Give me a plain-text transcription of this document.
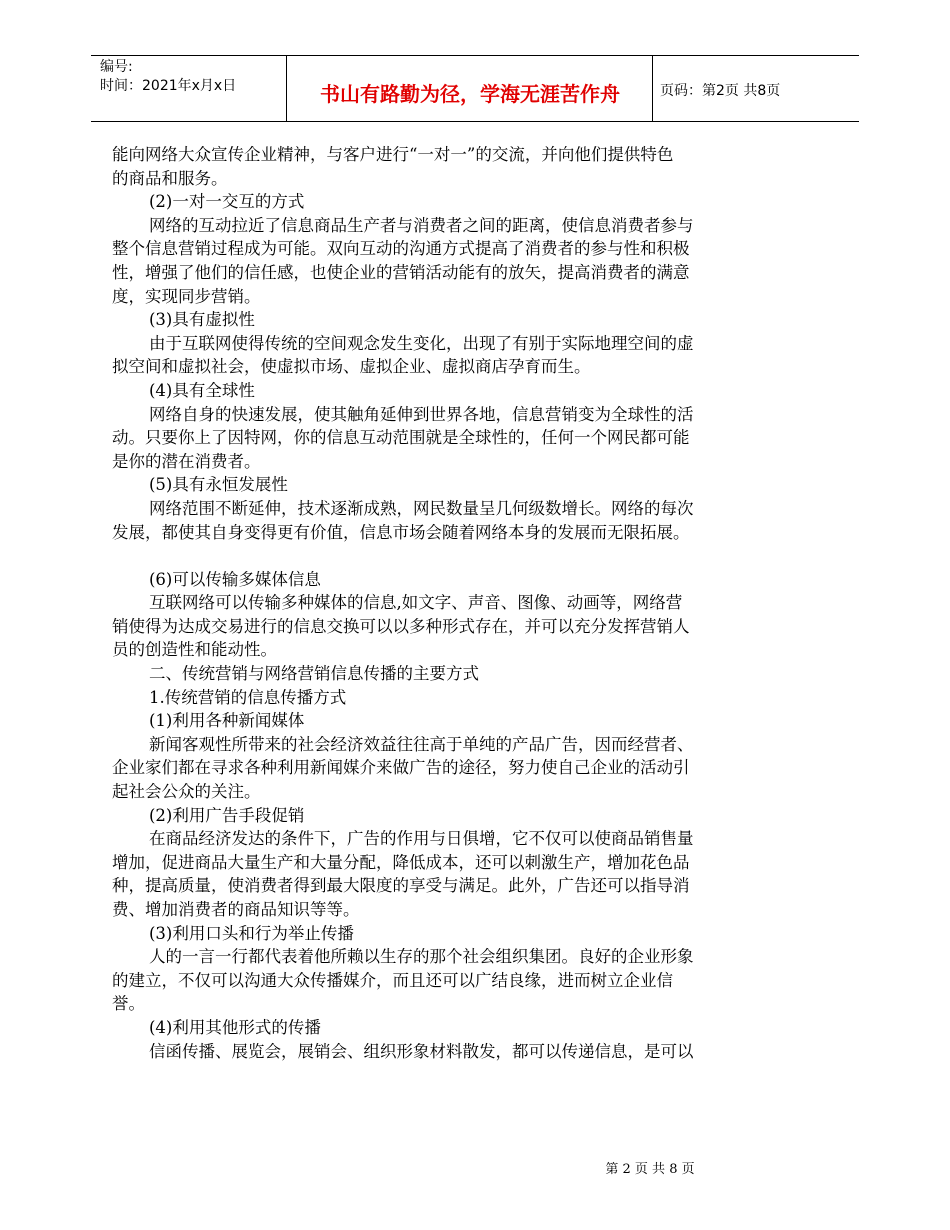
编号:
时间：2021年x月x日	书山有路勤为径，学海无涯苦作舟	页码：第2页 共8页
能向网络大众宣传企业精神，与客户进行“一对一”的交流，并向他们提供特色
的商品和服务。
(2)一对一交互的方式
网络的互动拉近了信息商品生产者与消费者之间的距离，使信息消费者参与
整个信息营销过程成为可能。双向互动的沟通方式提高了消费者的参与性和积极
性，增强了他们的信任感，也使企业的营销活动能有的放矢，提高消费者的满意
度，实现同步营销。
(3)具有虚拟性
由于互联网使得传统的空间观念发生变化，出现了有别于实际地理空间的虚
拟空间和虚拟社会，使虚拟市场、虚拟企业、虚拟商店孕育而生。
(4)具有全球性
网络自身的快速发展，使其触角延伸到世界各地，信息营销变为全球性的活
动。只要你上了因特网，你的信息互动范围就是全球性的，任何一个网民都可能
是你的潜在消费者。
(5)具有永恒发展性
网络范围不断延伸，技术逐渐成熟，网民数量呈几何级数增长。网络的每次
发展，都使其自身变得更有价值，信息市场会随着网络本身的发展而无限拓展。
(6)可以传输多媒体信息
互联网络可以传输多种媒体的信息,如文字、声音、图像、动画等，网络营
销使得为达成交易进行的信息交换可以以多种形式存在，并可以充分发挥营销人
员的创造性和能动性。
二、传统营销与网络营销信息传播的主要方式
1.传统营销的信息传播方式
(1)利用各种新闻媒体
新闻客观性所带来的社会经济效益往往高于单纯的产品广告，因而经营者、
企业家们都在寻求各种利用新闻媒介来做广告的途径，努力使自己企业的活动引
起社会公众的关注。
(2)利用广告手段促销
在商品经济发达的条件下，广告的作用与日俱增，它不仅可以使商品销售量
增加，促进商品大量生产和大量分配，降低成本，还可以刺激生产，增加花色品
种，提高质量，使消费者得到最大限度的享受与满足。此外，广告还可以指导消
费、增加消费者的商品知识等等。
(3)利用口头和行为举止传播
人的一言一行都代表着他所赖以生存的那个社会组织集团。良好的企业形象
的建立，不仅可以沟通大众传播媒介，而且还可以广结良缘，进而树立企业信
誉。
(4)利用其他形式的传播
信函传播、展览会，展销会、组织形象材料散发，都可以传递信息，是可以
第 2 页 共 8 页
